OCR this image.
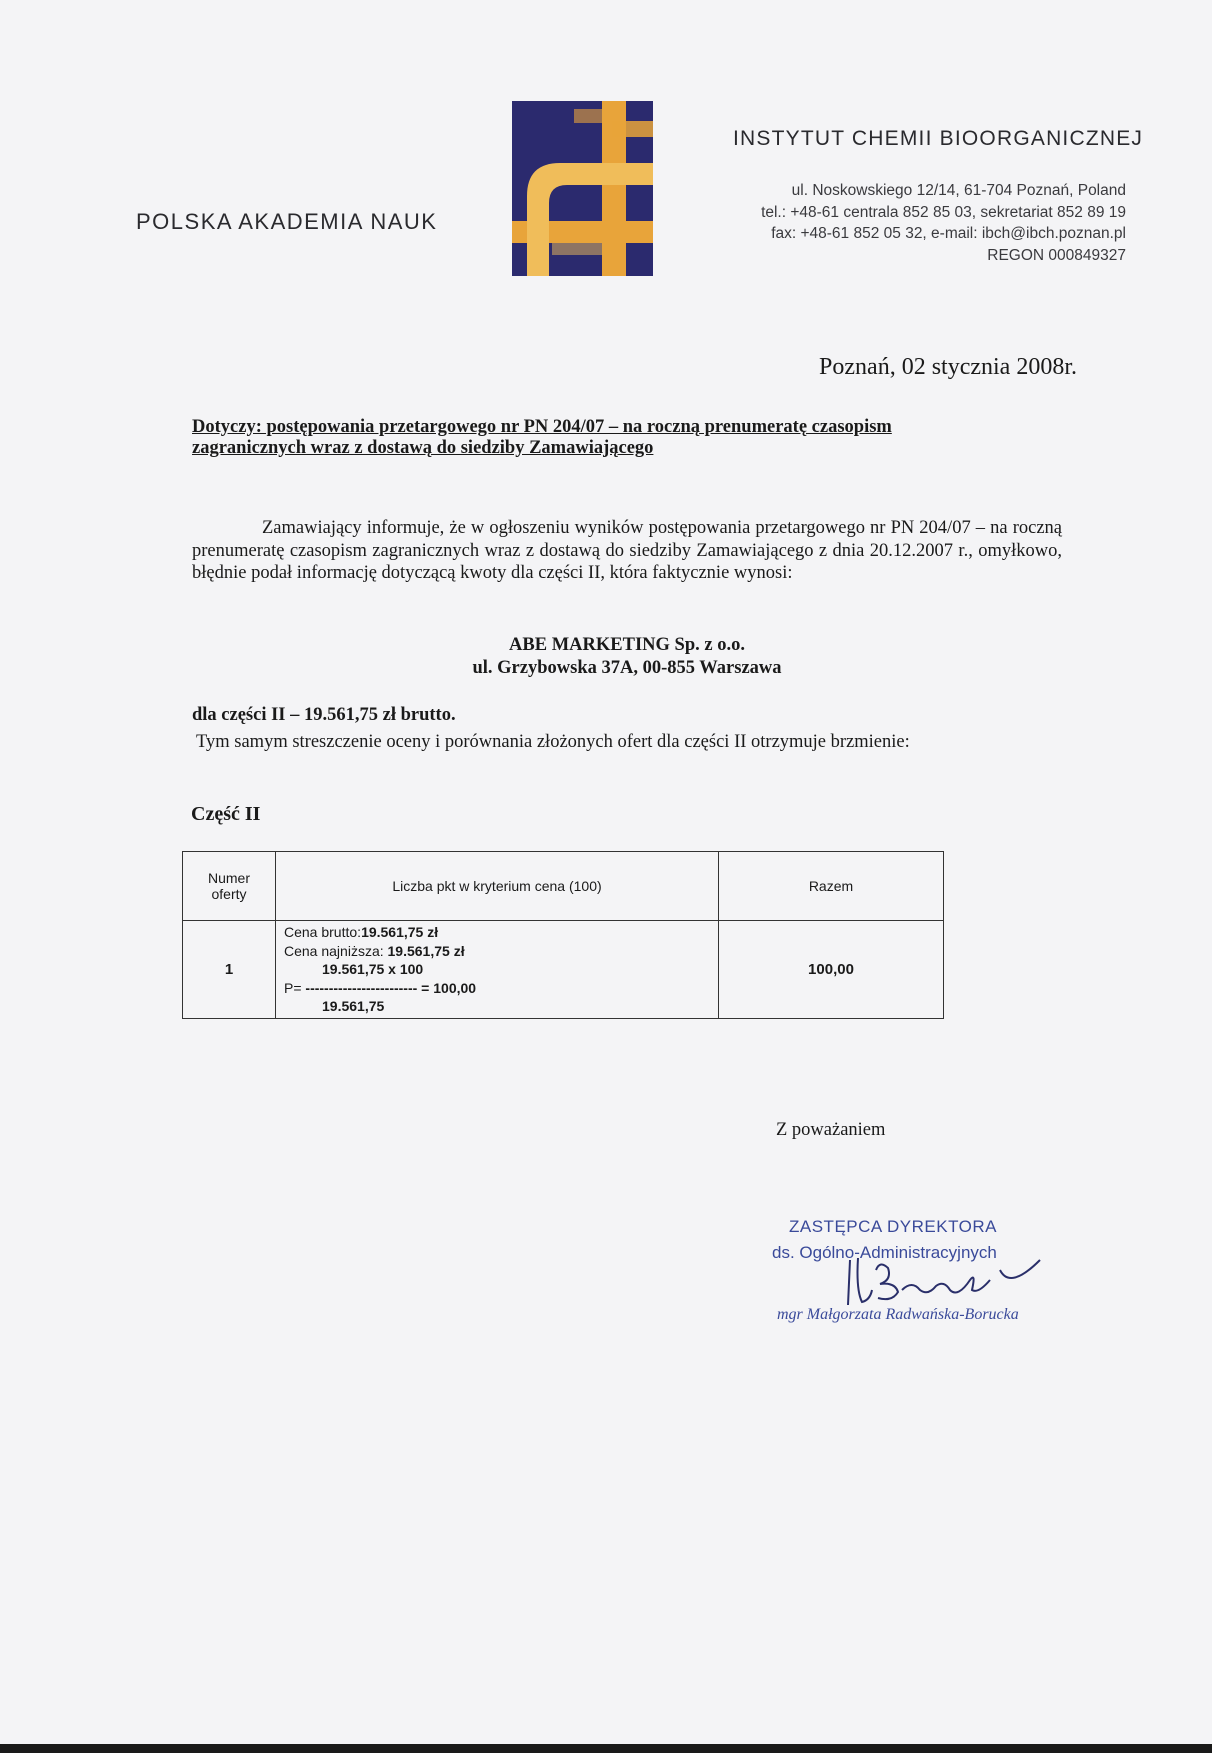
POLSKA AKADEMIA NAUK
INSTYTUT CHEMII BIOORGANICZNEJ
ul. Noskowskiego 12/14, 61-704 Poznań, Poland
tel.: +48-61 centrala 852 85 03, sekretariat 852 89 19
fax: +48-61 852 05 32, e-mail: ibch@ibch.poznan.pl
REGON 000849327
Poznań, 02 stycznia 2008r.
Dotyczy: postępowania przetargowego nr PN 204/07 – na roczną prenumeratę czasopism zagranicznych wraz z dostawą do siedziby Zamawiającego
Zamawiający informuje, że w ogłoszeniu wyników postępowania przetargowego nr PN 204/07 – na roczną prenumeratę czasopism zagranicznych wraz z dostawą do siedziby Zamawiającego z dnia 20.12.2007 r., omyłkowo, błędnie podał informację dotyczącą kwoty dla części II, która faktycznie wynosi:
ABE MARKETING Sp. z o.o.
ul. Grzybowska 37A, 00-855 Warszawa
dla części II – 19.561,75 zł brutto.
Tym samym streszczenie oceny i porównania złożonych ofert dla części II otrzymuje brzmienie:
Część II
Numer oferty	Liczba pkt w kryterium cena (100)	Razem
1	Cena brutto:19.561,75 zł
Cena najniższa: 19.561,75 zł
19.561,75 x 100
P= ------------------------ = 100,00
19.561,75	100,00
Z poważaniem
ZASTĘPCA DYREKTORA
ds. Ogólno-Administracyjnych
mgr Małgorzata Radwańska-Borucka
